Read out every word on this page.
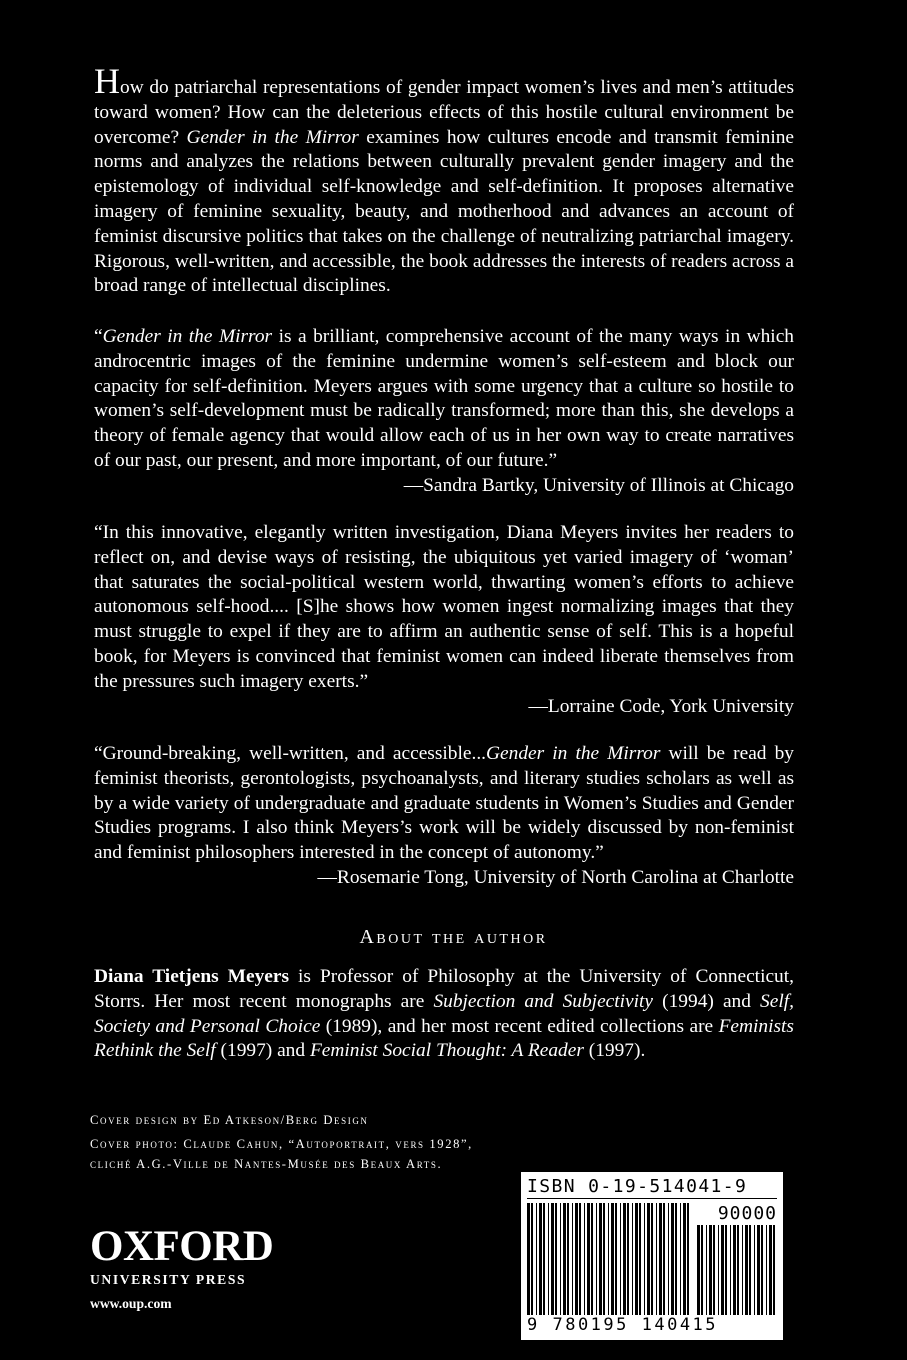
How do patriarchal representations of gender impact women’s lives and men’s attitudes toward women? How can the deleterious effects of this hostile cultural environment be overcome? Gender in the Mirror examines how cultures encode and transmit feminine norms and analyzes the relations between culturally prevalent gender imagery and the epistemology of individual self-knowledge and self-definition. It proposes alternative imagery of feminine sexuality, beauty, and motherhood and advances an account of feminist discursive politics that takes on the challenge of neutralizing patriarchal imagery. Rigorous, well-written, and accessible, the book addresses the interests of readers across a broad range of intellectual disciplines.

“Gender in the Mirror is a brilliant, comprehensive account of the many ways in which androcentric images of the feminine undermine women’s self-esteem and block our capacity for self-definition. Meyers argues with some urgency that a culture so hostile to women’s self-development must be radically transformed; more than this, she develops a theory of female agency that would allow each of us in her own way to create narratives of our past, our present, and more important, of our future.”

—Sandra Bartky, University of Illinois at Chicago

“In this innovative, elegantly written investigation, Diana Meyers invites her readers to reflect on, and devise ways of resisting, the ubiquitous yet varied imagery of ‘woman’ that saturates the social-political western world, thwarting women’s efforts to achieve autonomous self-hood.... [S]he shows how women ingest normalizing images that they must struggle to expel if they are to affirm an authentic sense of self. This is a hopeful book, for Meyers is convinced that feminist women can indeed liberate themselves from the pressures such imagery exerts.”

—Lorraine Code, York University

“Ground-breaking, well-written, and accessible...Gender in the Mirror will be read by feminist theorists, gerontologists, psychoanalysts, and literary studies scholars as well as by a wide variety of undergraduate and graduate students in Women’s Studies and Gender Studies programs. I also think Meyers’s work will be widely discussed by non-feminist and feminist philosophers interested in the concept of autonomy.”

—Rosemarie Tong, University of North Carolina at Charlotte

About the author

Diana Tietjens Meyers is Professor of Philosophy at the University of Connecticut, Storrs. Her most recent monographs are Subjection and Subjectivity (1994) and Self, Society and Personal Choice (1989), and her most recent edited collections are Feminists Rethink the Self (1997) and Feminist Social Thought: A Reader (1997).

Cover design by Ed Atkeson/Berg Design
Cover photo: Claude Cahun, “Autoportrait, vers 1928”, cliché A.G.-Ville de Nantes-Musée des Beaux Arts.
OXFORD
UNIVERSITY PRESS
www.oup.com
ISBN 0-19-514041-9
90000
9 780195 140415
